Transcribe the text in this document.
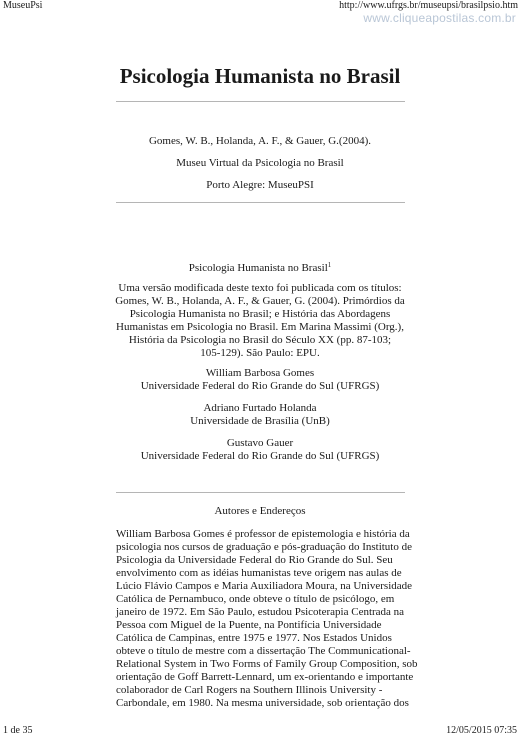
MuseuPsi	http://www.ufrgs.br/museupsi/brasilpsio.htm
www.cliqueapostilas.com.br
Psicologia Humanista no Brasil
Gomes, W. B., Holanda, A. F., & Gauer, G.(2004).
Museu Virtual da Psicologia no Brasil
Porto Alegre: MuseuPSI
Psicologia Humanista no Brasil$^1$
Uma versão modificada deste texto foi publicada com os títulos:
Gomes, W. B., Holanda, A. F., & Gauer, G. (2004). Primórdios da
Psicologia Humanista no Brasil; e História das Abordagens
Humanistas em Psicologia no Brasil. Em Marina Massimi (Org.),
História da Psicologia no Brasil do Século XX (pp. 87-103;
105-129). São Paulo: EPU.
William Barbosa Gomes
Universidade Federal do Rio Grande do Sul (UFRGS)
Adriano Furtado Holanda
Universidade de Brasília (UnB)
Gustavo Gauer
Universidade Federal do Rio Grande do Sul (UFRGS)
Autores e Endereços
William Barbosa Gomes é professor de epistemologia e história da
psicologia nos cursos de graduação e pós-graduação do Instituto de
Psicologia da Universidade Federal do Rio Grande do Sul. Seu
envolvimento com as idéias humanistas teve origem nas aulas de
Lúcio Flávio Campos e Maria Auxiliadora Moura, na Universidade
Católica de Pernambuco, onde obteve o título de psicólogo, em
janeiro de 1972. Em São Paulo, estudou Psicoterapia Centrada na
Pessoa com Miguel de la Puente, na Pontifícia Universidade
Católica de Campinas, entre 1975 e 1977. Nos Estados Unidos
obteve o título de mestre com a dissertação The Communicational-
Relational System in Two Forms of Family Group Composition, sob
orientação de Goff Barrett-Lennard, um ex-orientando e importante
colaborador de Carl Rogers na Southern Illinois University -
Carbondale, em 1980. Na mesma universidade, sob orientação dos
1 de 35	12/05/2015 07:35
